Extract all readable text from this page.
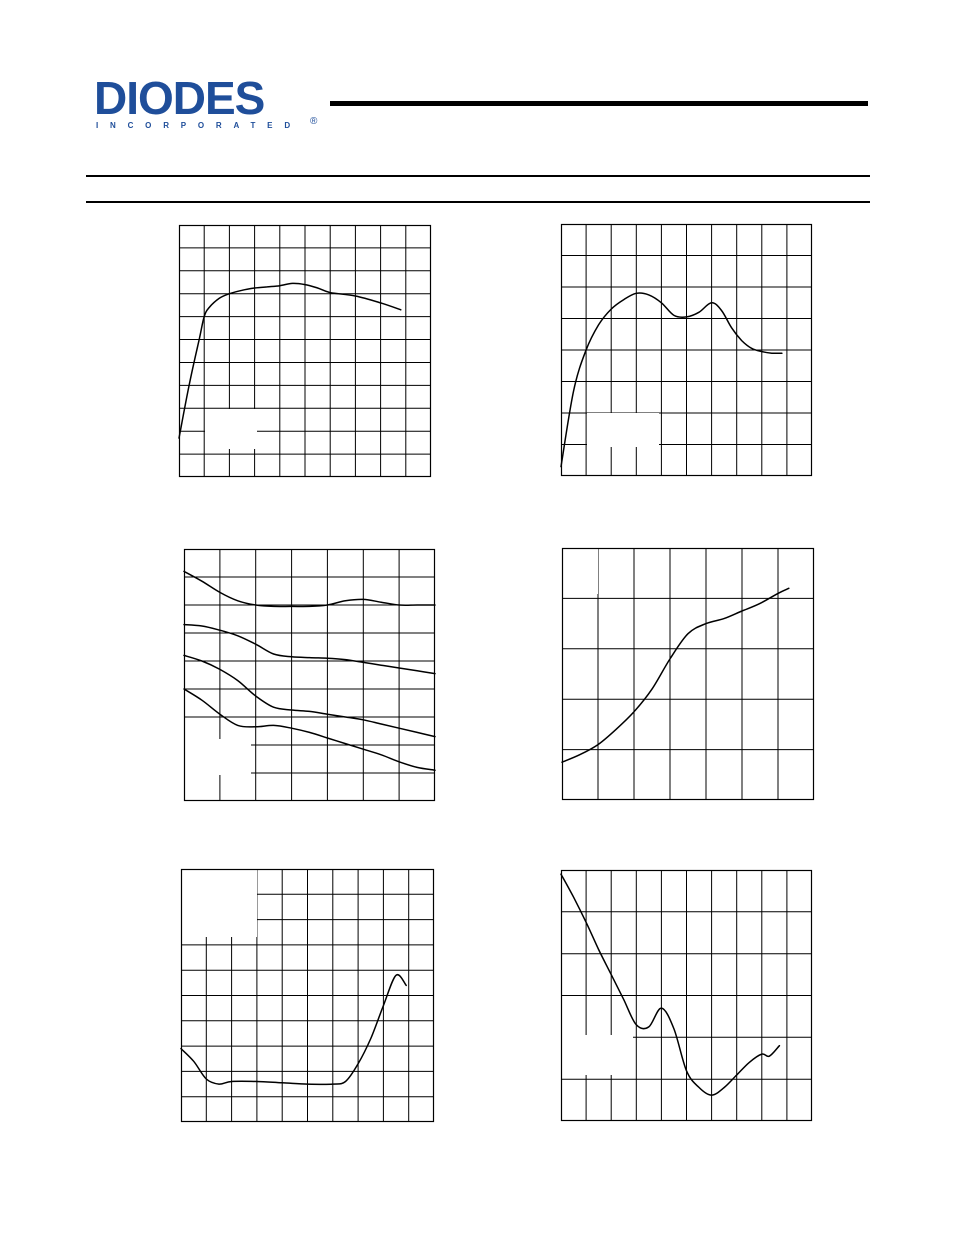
DIODES
INCORPORATED ®
